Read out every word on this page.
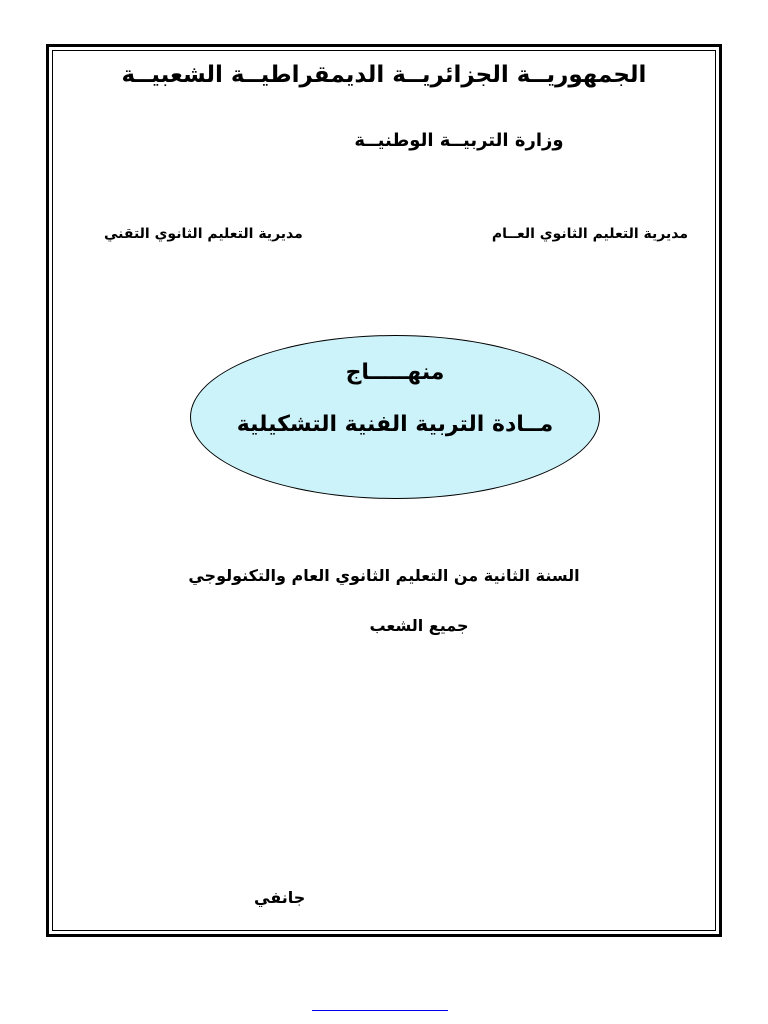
الجمهوريــة الجزائريــة الديمقراطيــة الشعبيــة

وزارة التربيــة الوطنيــة

مديرية التعليم الثانوي العــام

مديرية التعليم الثانوي التقني

منهـــــاج

مــادة التربية الفنية التشكيلية

السنة الثانية من التعليم الثانوي العام والتكنولوجي

جميع الشعب

جانفي
